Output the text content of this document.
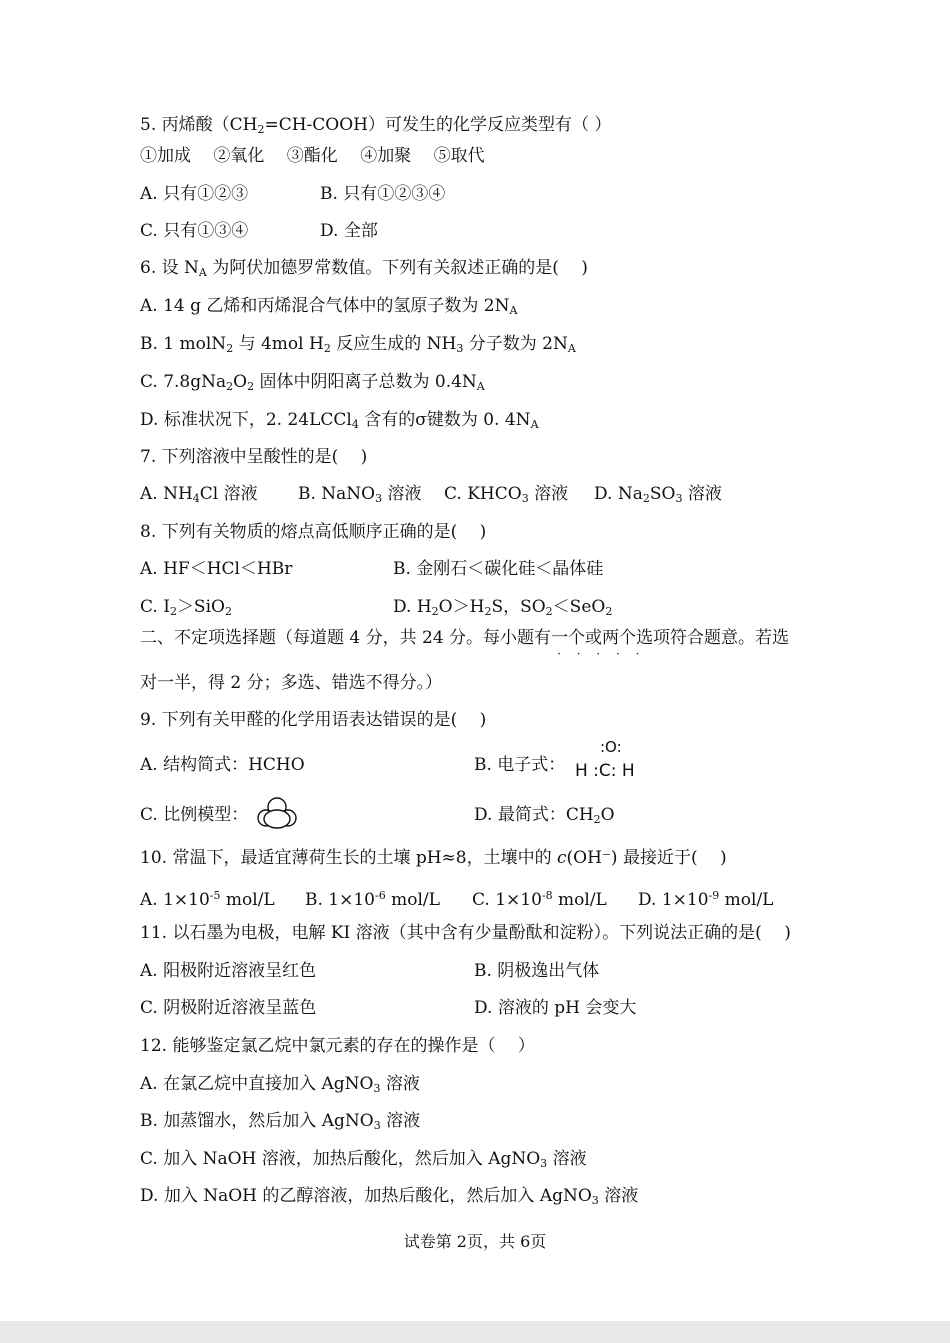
5. 丙烯酸$(CH_2=CH-COOH)$可发生的化学反应类型有（ ）
①加成　 ②氧化　 ③酯化　 ④加聚　 ⑤取代
A. 只有①②③	B. 只有①②③④
C. 只有①③④	D. 全部
6. 设 $N_A$ 为阿伏加德罗常数值。下列有关叙述正确的是(　 )
A. 14 g 乙烯和丙烯混合气体中的氢原子数为 $2N_A$
B. 1 molN$_2$ 与 4mol $H_2$ 反应生成的 $NH_3$ 分子数为 $2N_A$
C. $7.8gNa_2O_2$ 固体中阴阳离子总数为 $0.4N_A$
D. 标准状况下，2. 24LCCl$_4$ 含有的σ键数为 0. $4N_A$
7. 下列溶液中呈酸性的是(　 )
A. $NH_4Cl$ 溶液 B. NaNO$_3$ 溶液 C. $KHCO_3$ 溶液 D. $Na_2SO_3$ 溶液
8. 下列有关物质的熔点高低顺序正确的是(　 )
A. HF＜HCl＜HBr	B. 金刚石＜碳化硅＜晶体硅
C. $I_2>SiO_2$	D. $H_2O>H_2S$，$SO_2<SeO_2$
二、不定项选择题（每道题 4 分，共 24 分。每小题有一个或两个 · · ·选项符合题意。若选
对一半，得 2 分；多选、错选不得分。）
9. 下列有关甲醛的化学用语表达错误的是(　 )
A. 结构简式：HCHO	B. 电子式：
:O:
H :C: H
C. 比例模型：	D. 最简式：$CH_2O$
10. 常温下，最适宜薄荷生长的土壤 pH≈8，土壤中的 c(OH⁻) 最接近于(　 )
A. $1\times 10^{-5}$ mol/L B. $1\times 10^{-6}$ mol/L C. $1\times 10^{-8}$ mol/L D. $1\times 10^{-9}$ mol/L
11. 以石墨为电极，电解 KI 溶液（其中含有少量酚酞和淀粉）。下列说法正确的是(　 )
A. 阳极附近溶液呈红色	B. 阴极逸出气体
C. 阴极附近溶液呈蓝色	D. 溶液的 pH 会变大
12. 能够鉴定氯乙烷中氯元素的存在的操作是（　 ）
A. 在氯乙烷中直接加入 AgNO$_3$ 溶液
B. 加蒸馏水，然后加入 AgNO$_3$ 溶液
C. 加入 NaOH 溶液，加热后酸化，然后加入 AgNO$_3$ 溶液
D. 加入 NaOH 的乙醇溶液，加热后酸化，然后加入 AgNO$_3$ 溶液
试卷第 2页，共 6页
